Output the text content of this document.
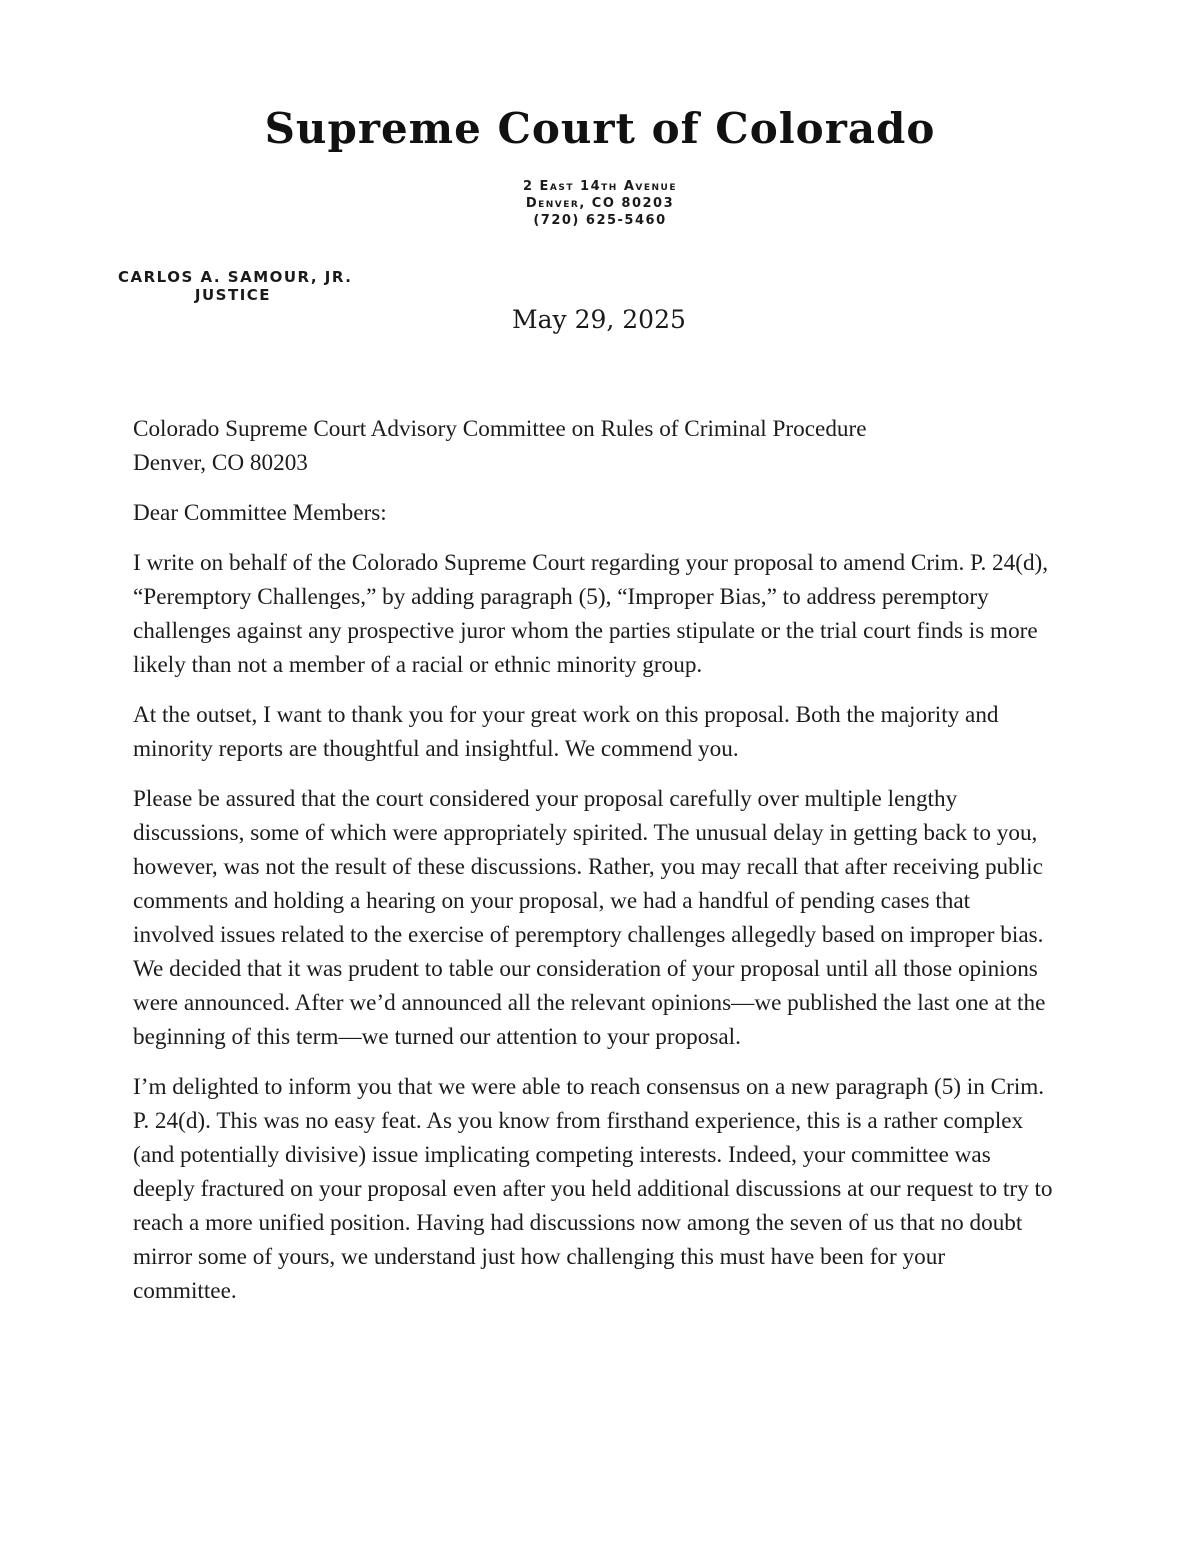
Supreme Court of Colorado
2 East 14th Avenue
Denver, CO 80203
(720) 625-5460
CARLOS A. SAMOUR, JR.
JUSTICE
May 29, 2025

Colorado Supreme Court Advisory Committee on Rules of Criminal Procedure
Denver, CO 80203

Dear Committee Members:

I write on behalf of the Colorado Supreme Court regarding your proposal to amend Crim. P. 24(d), “Peremptory Challenges,” by adding paragraph (5), “Improper Bias,” to address peremptory challenges against any prospective juror whom the parties stipulate or the trial court finds is more likely than not a member of a racial or ethnic minority group.

At the outset, I want to thank you for your great work on this proposal. Both the majority and minority reports are thoughtful and insightful. We commend you.

Please be assured that the court considered your proposal carefully over multiple lengthy discussions, some of which were appropriately spirited. The unusual delay in getting back to you, however, was not the result of these discussions. Rather, you may recall that after receiving public comments and holding a hearing on your proposal, we had a handful of pending cases that involved issues related to the exercise of peremptory challenges allegedly based on improper bias. We decided that it was prudent to table our consideration of your proposal until all those opinions were announced. After we’d announced all the relevant opinions—we published the last one at the beginning of this term—we turned our attention to your proposal.

I’m delighted to inform you that we were able to reach consensus on a new paragraph (5) in Crim. P. 24(d). This was no easy feat. As you know from firsthand experience, this is a rather complex (and potentially divisive) issue implicating competing interests. Indeed, your committee was deeply fractured on your proposal even after you held additional discussions at our request to try to reach a more unified position. Having had discussions now among the seven of us that no doubt mirror some of yours, we understand just how challenging this must have been for your committee.
